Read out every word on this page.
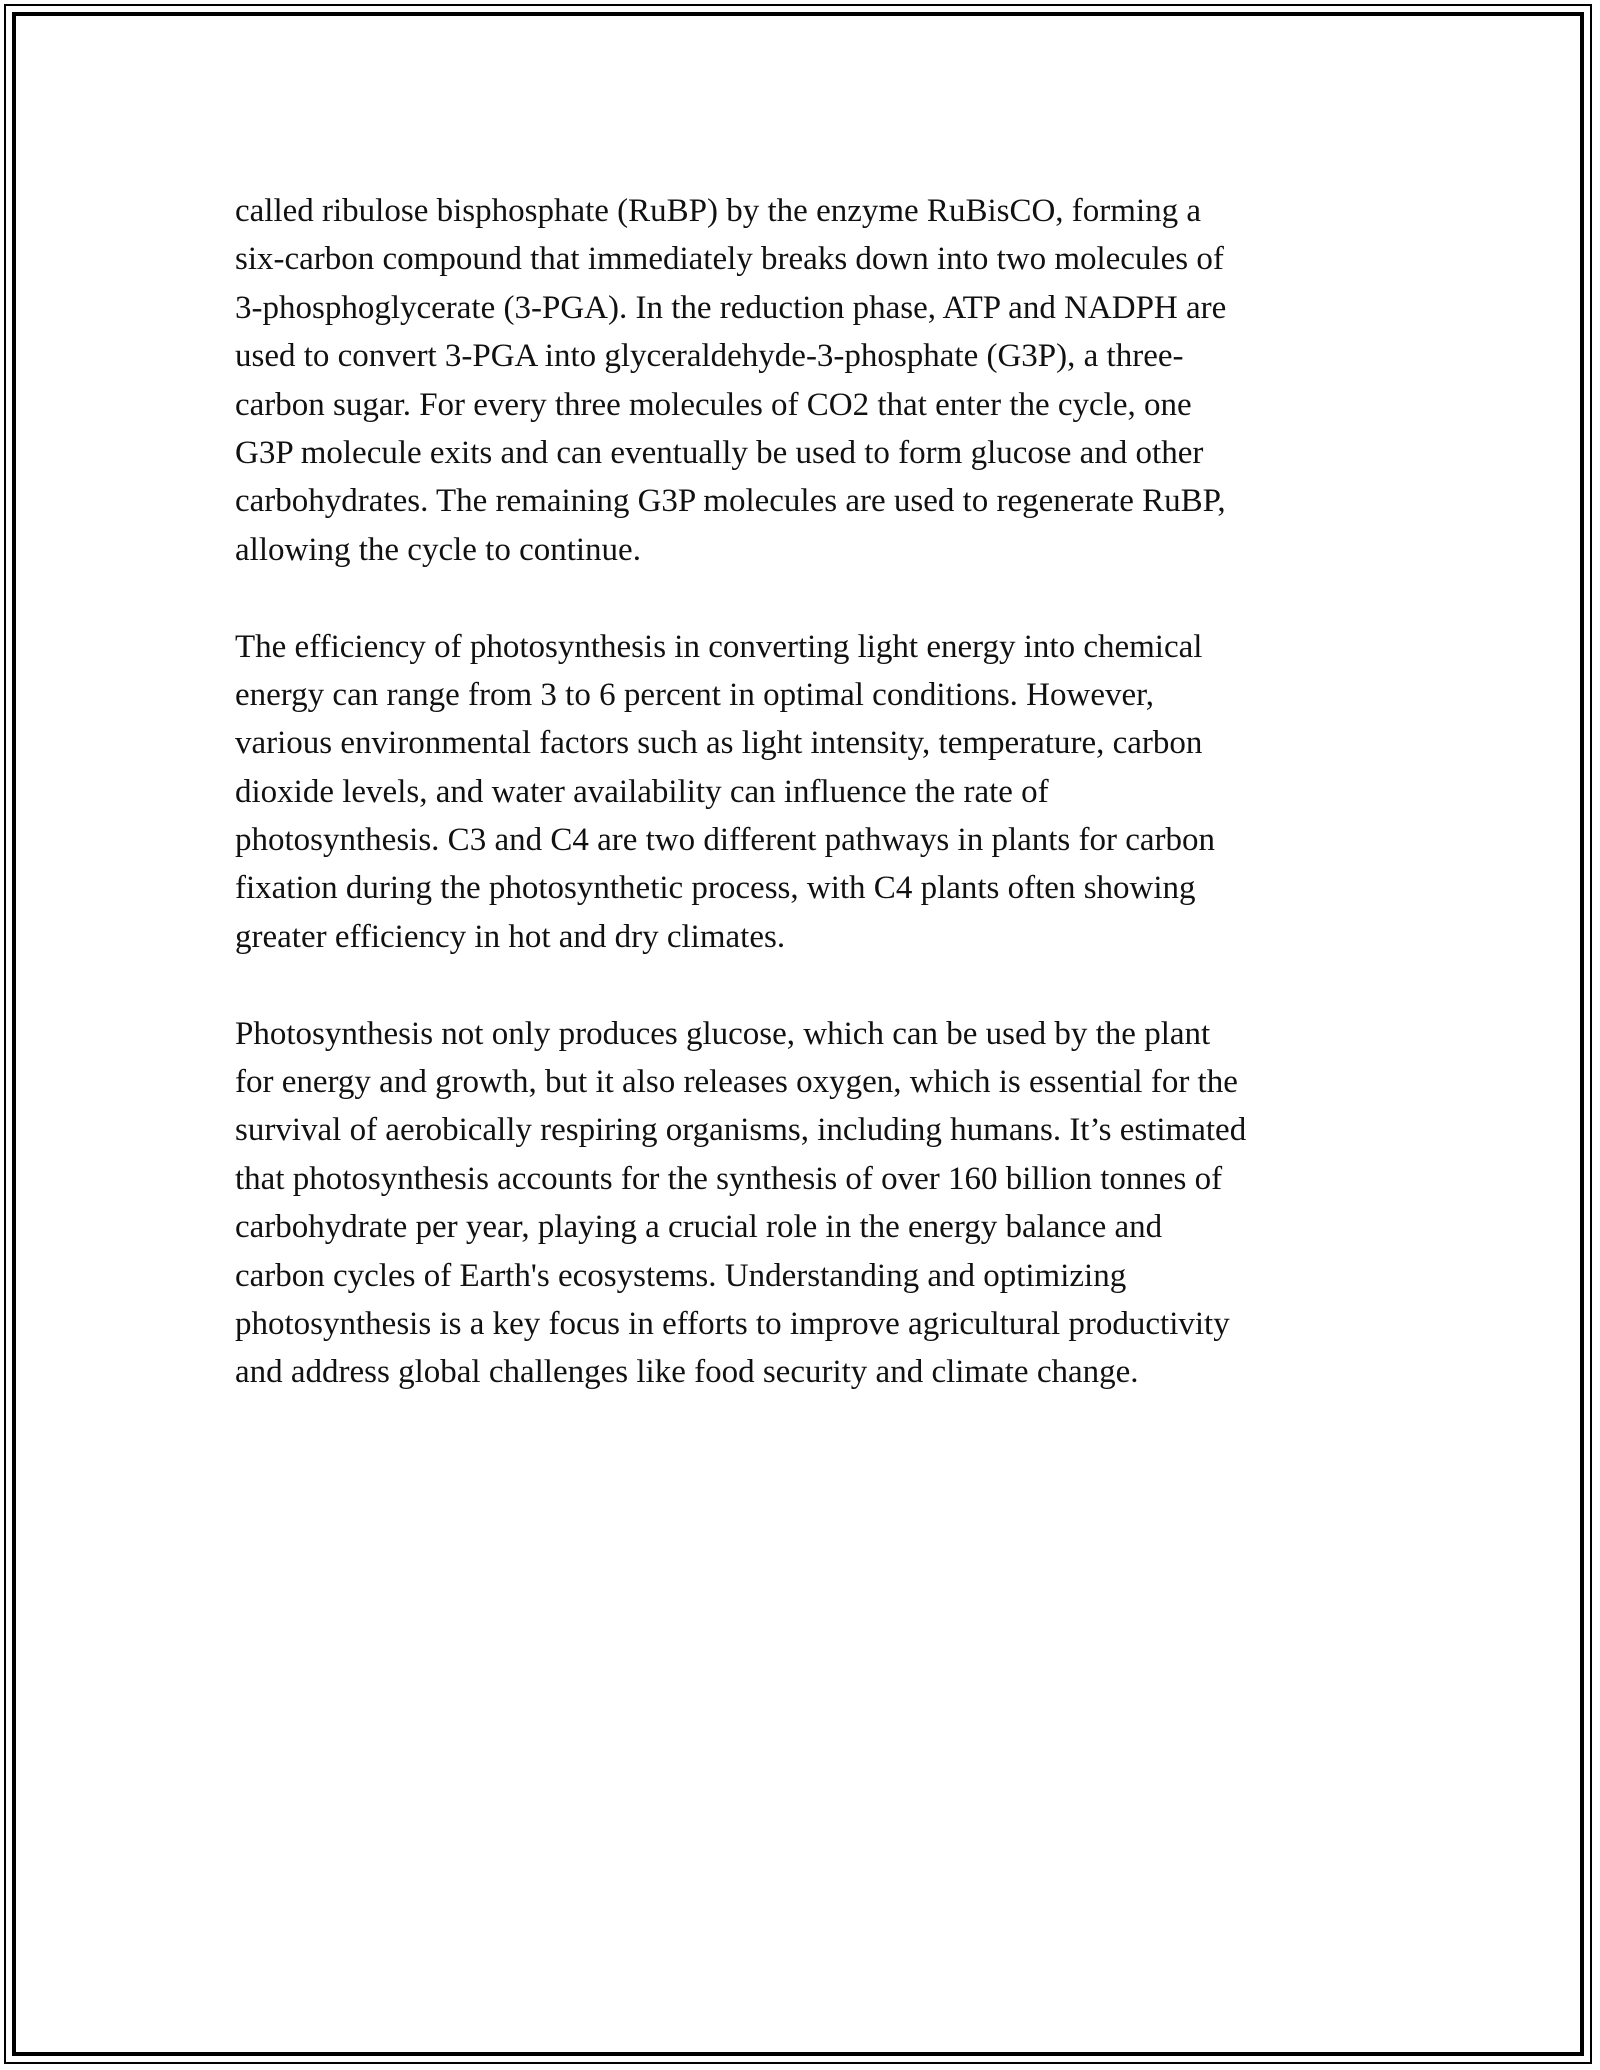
called ribulose bisphosphate (RuBP) by the enzyme RuBisCO, forming a
six-carbon compound that immediately breaks down into two molecules of
3-phosphoglycerate (3-PGA). In the reduction phase, ATP and NADPH are
used to convert 3-PGA into glyceraldehyde-3-phosphate (G3P), a three-
carbon sugar. For every three molecules of CO2 that enter the cycle, one
G3P molecule exits and can eventually be used to form glucose and other
carbohydrates. The remaining G3P molecules are used to regenerate RuBP,
allowing the cycle to continue.

The efficiency of photosynthesis in converting light energy into chemical
energy can range from 3 to 6 percent in optimal conditions. However,
various environmental factors such as light intensity, temperature, carbon
dioxide levels, and water availability can influence the rate of
photosynthesis. C3 and C4 are two different pathways in plants for carbon
fixation during the photosynthetic process, with C4 plants often showing
greater efficiency in hot and dry climates.

Photosynthesis not only produces glucose, which can be used by the plant
for energy and growth, but it also releases oxygen, which is essential for the
survival of aerobically respiring organisms, including humans. It’s estimated
that photosynthesis accounts for the synthesis of over 160 billion tonnes of
carbohydrate per year, playing a crucial role in the energy balance and
carbon cycles of Earth's ecosystems. Understanding and optimizing
photosynthesis is a key focus in efforts to improve agricultural productivity
and address global challenges like food security and climate change.
